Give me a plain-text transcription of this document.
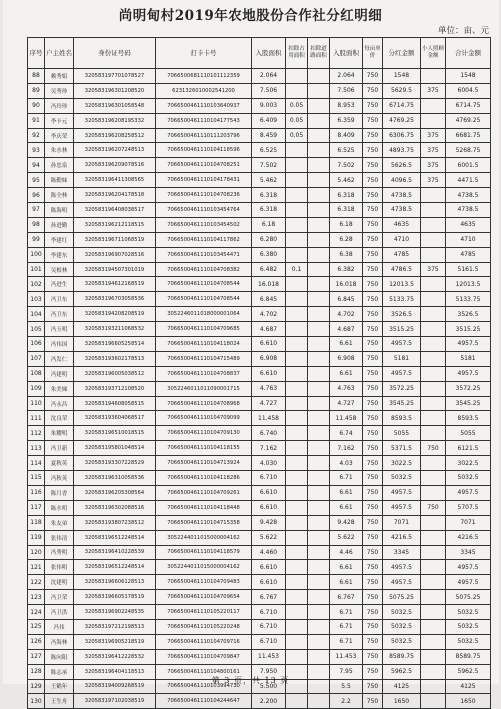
尚明甸村2019年农地股份合作社分红明细
单位：亩、元
序号	户主姓名	身份证号码	打卡卡号	入股面积	扣除占用面积	扣除道路面积	入股面积	每亩单价	分红金额	小人照顾金额	合计金额
88	赖秀娟	320583197701078527	7066500681110101112359	2.064			2.064	750	1548		1548
89	吴秀珍	320583196301208520	6231326010002541200	7.506			7.506	750	5629.5	375	6004.5
90	冯玲珍	320583196301058548	7066500461110103640937	9.003	0.05		8.953	750	6714.75		6714.75
91	李卡元	320583196208195332	7066500461110104177543	6.409	0.05		6.359	750	4769.25		4769.25
92	李庆荣	320583196208258512	7066500461110111203796	8.459	0.05		8.409	750	6306.75	375	6681.75
93	朱水林	320583196207248513	7066500461110104118596	6.525			6.525	750	4893.75	375	5268.75
94	孙忠泉	320583196209078516	7066500461110104708251	7.502			7.502	750	5626.5	375	6001.5
95	陈勤妹	320583196411308565	7066500461110104178431	5.462			5.462	750	4096.5	375	4471.5
96	陈全林	320583196204178518	7066500461110104708236	6.318			6.318	750	4738.5		4738.5
97	陈海明	320583196408038517	7066500461110103454764	6.318			6.318	750	4738.5		4738.5
98	孙进勤	320583196212118515	7066500461110103454502	6.18			6.18	750	4635		4635
99	李建红	320583196711068519	7066500461110104117862	6.280			6.28	750	4710		4710
100	李建东	320583196907028516	7066500461110103454471	6.380			6.38	750	4785		4785
101	吴根林	320583194507301019	7066500461110104708382	6.482	0.1		6.382	750	4786.5	375	5161.5
102	冯进生	320583194612168519	7066500461110104708544	16.018			16.018	750	12013.5		12013.5
103	冯卫东	320583196703058536	7066500461110104708544	6.845			6.845	750	5133.75		5133.75
104	冯卫东	320583194208208519	3052246011018000001064	4.702			4.702	750	3526.5		3526.5
105	冯玉明	320583193211068532	7066500461110104709685	4.687			4.687	750	3515.25		3515.25
106	冯伟国	320583196605258514	7066500461110104118024	6.610			6.61	750	4957.5		4957.5
107	冯发仁	320583193602178513	7066500461110104715489	6.908			6.908	750	5181		5181
108	冯建明	320583196005038512	7066500461110104708837	6.610			6.61	750	4957.5		4957.5
109	朱美娣	320583193712108520	3052246011011090001715	4.763			4.763	750	3572.25		3572.25
110	冯永昌	320583194608058515	7066500461110104708968	4.727			4.727	750	3545.25		3545.25
111	沈良荣	320583193604068517	7066500461110104709099	11.458			11.458	750	8593.5		8593.5
112	朱耀明	320583196510018515	7066500461110104709130	6.740			6.74	750	5055		5055
113	冯卫新	320583195801048514	7066500461110104118155	7.162			7.162	750	5371.5	750	6121.5
114	夏秋英	320583193307228529	7066500461110104713924	4.030			4.03	750	3022.5		3022.5
115	冯秋英	320583196310058536	7066500461110104118286	6.710			6.71	750	5032.5		5032.5
116	陈月香	320583196205308564	7066500461110104709261	6.610			6.61	750	4957.5		4957.5
117	陈水明	320583196302088516	7066500461110104118448	6.610			6.61	750	4957.5	750	5707.5
118	朱友弟	320583193807238512	7066500461110104715358	9.428			9.428	750	7071		7071
119	张伟清	320583196512248514	3052244011015000004162	5.622			5.622	750	4216.5		4216.5
120	冯秀明	320583196410228539	7066500461110104118579	4.460			4.46	750	3345		3345
121	张伟明	320583196512248514	3052244011015000004162	6.610			6.61	750	4957.5		4957.5
122	沈建明	320583196606128513	7066500461110104709483	6.610			6.61	750	4957.5		4957.5
123	冯卫荣	320583196605178519	7066500461110104709654	6.767			6.767	750	5075.25		5075.25
124	冯卫洪	320583196902248535	7066500461110105220117	6.710			6.71	750	5032.5		5032.5
125	冯伟	320583197212198513	7066500461110105220248	6.710			6.71	750	5032.5		5032.5
126	冯海林	320583196905218519	7066500461110104709716	6.710			6.71	750	5032.5		5032.5
127	陈向阳	320583196412228532	7066500461110104709847	11.453			11.453	750	8589.75		8589.75
128	陈志承	320583196404118513	7066500461110104800161	7.950			7.95	750	5962.5		5962.5
129	王鹤年	320583194009268519	7066500461110103994730	5.500			5.5	750	4125		4125
130	王生舟	320583197102038519	7066500461110104244647	2.200			2.2	750	1650		1650
第 3 页，共 13 页
